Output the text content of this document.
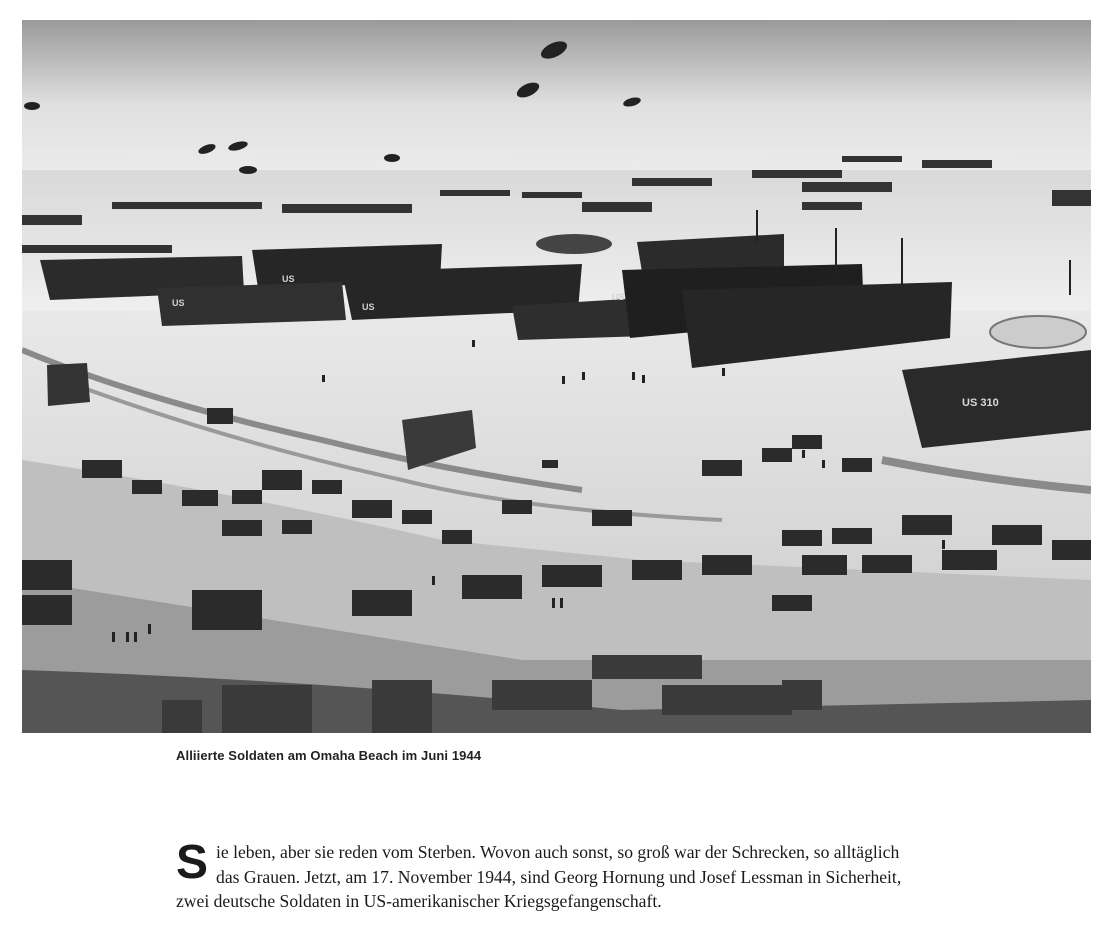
US
US	US
US
US 310
Alliierte Soldaten am Omaha Beach im Juni 1944
S ie leben, aber sie reden vom Sterben. Wovon auch sonst, so groß war der Schrecken, so alltäglich
das Grauen. Jetzt, am 17. November 1944, sind Georg Hornung und Josef Lessman in Sicherheit,
zwei deutsche Soldaten in US-amerikanischer Kriegsgefangenschaft.
